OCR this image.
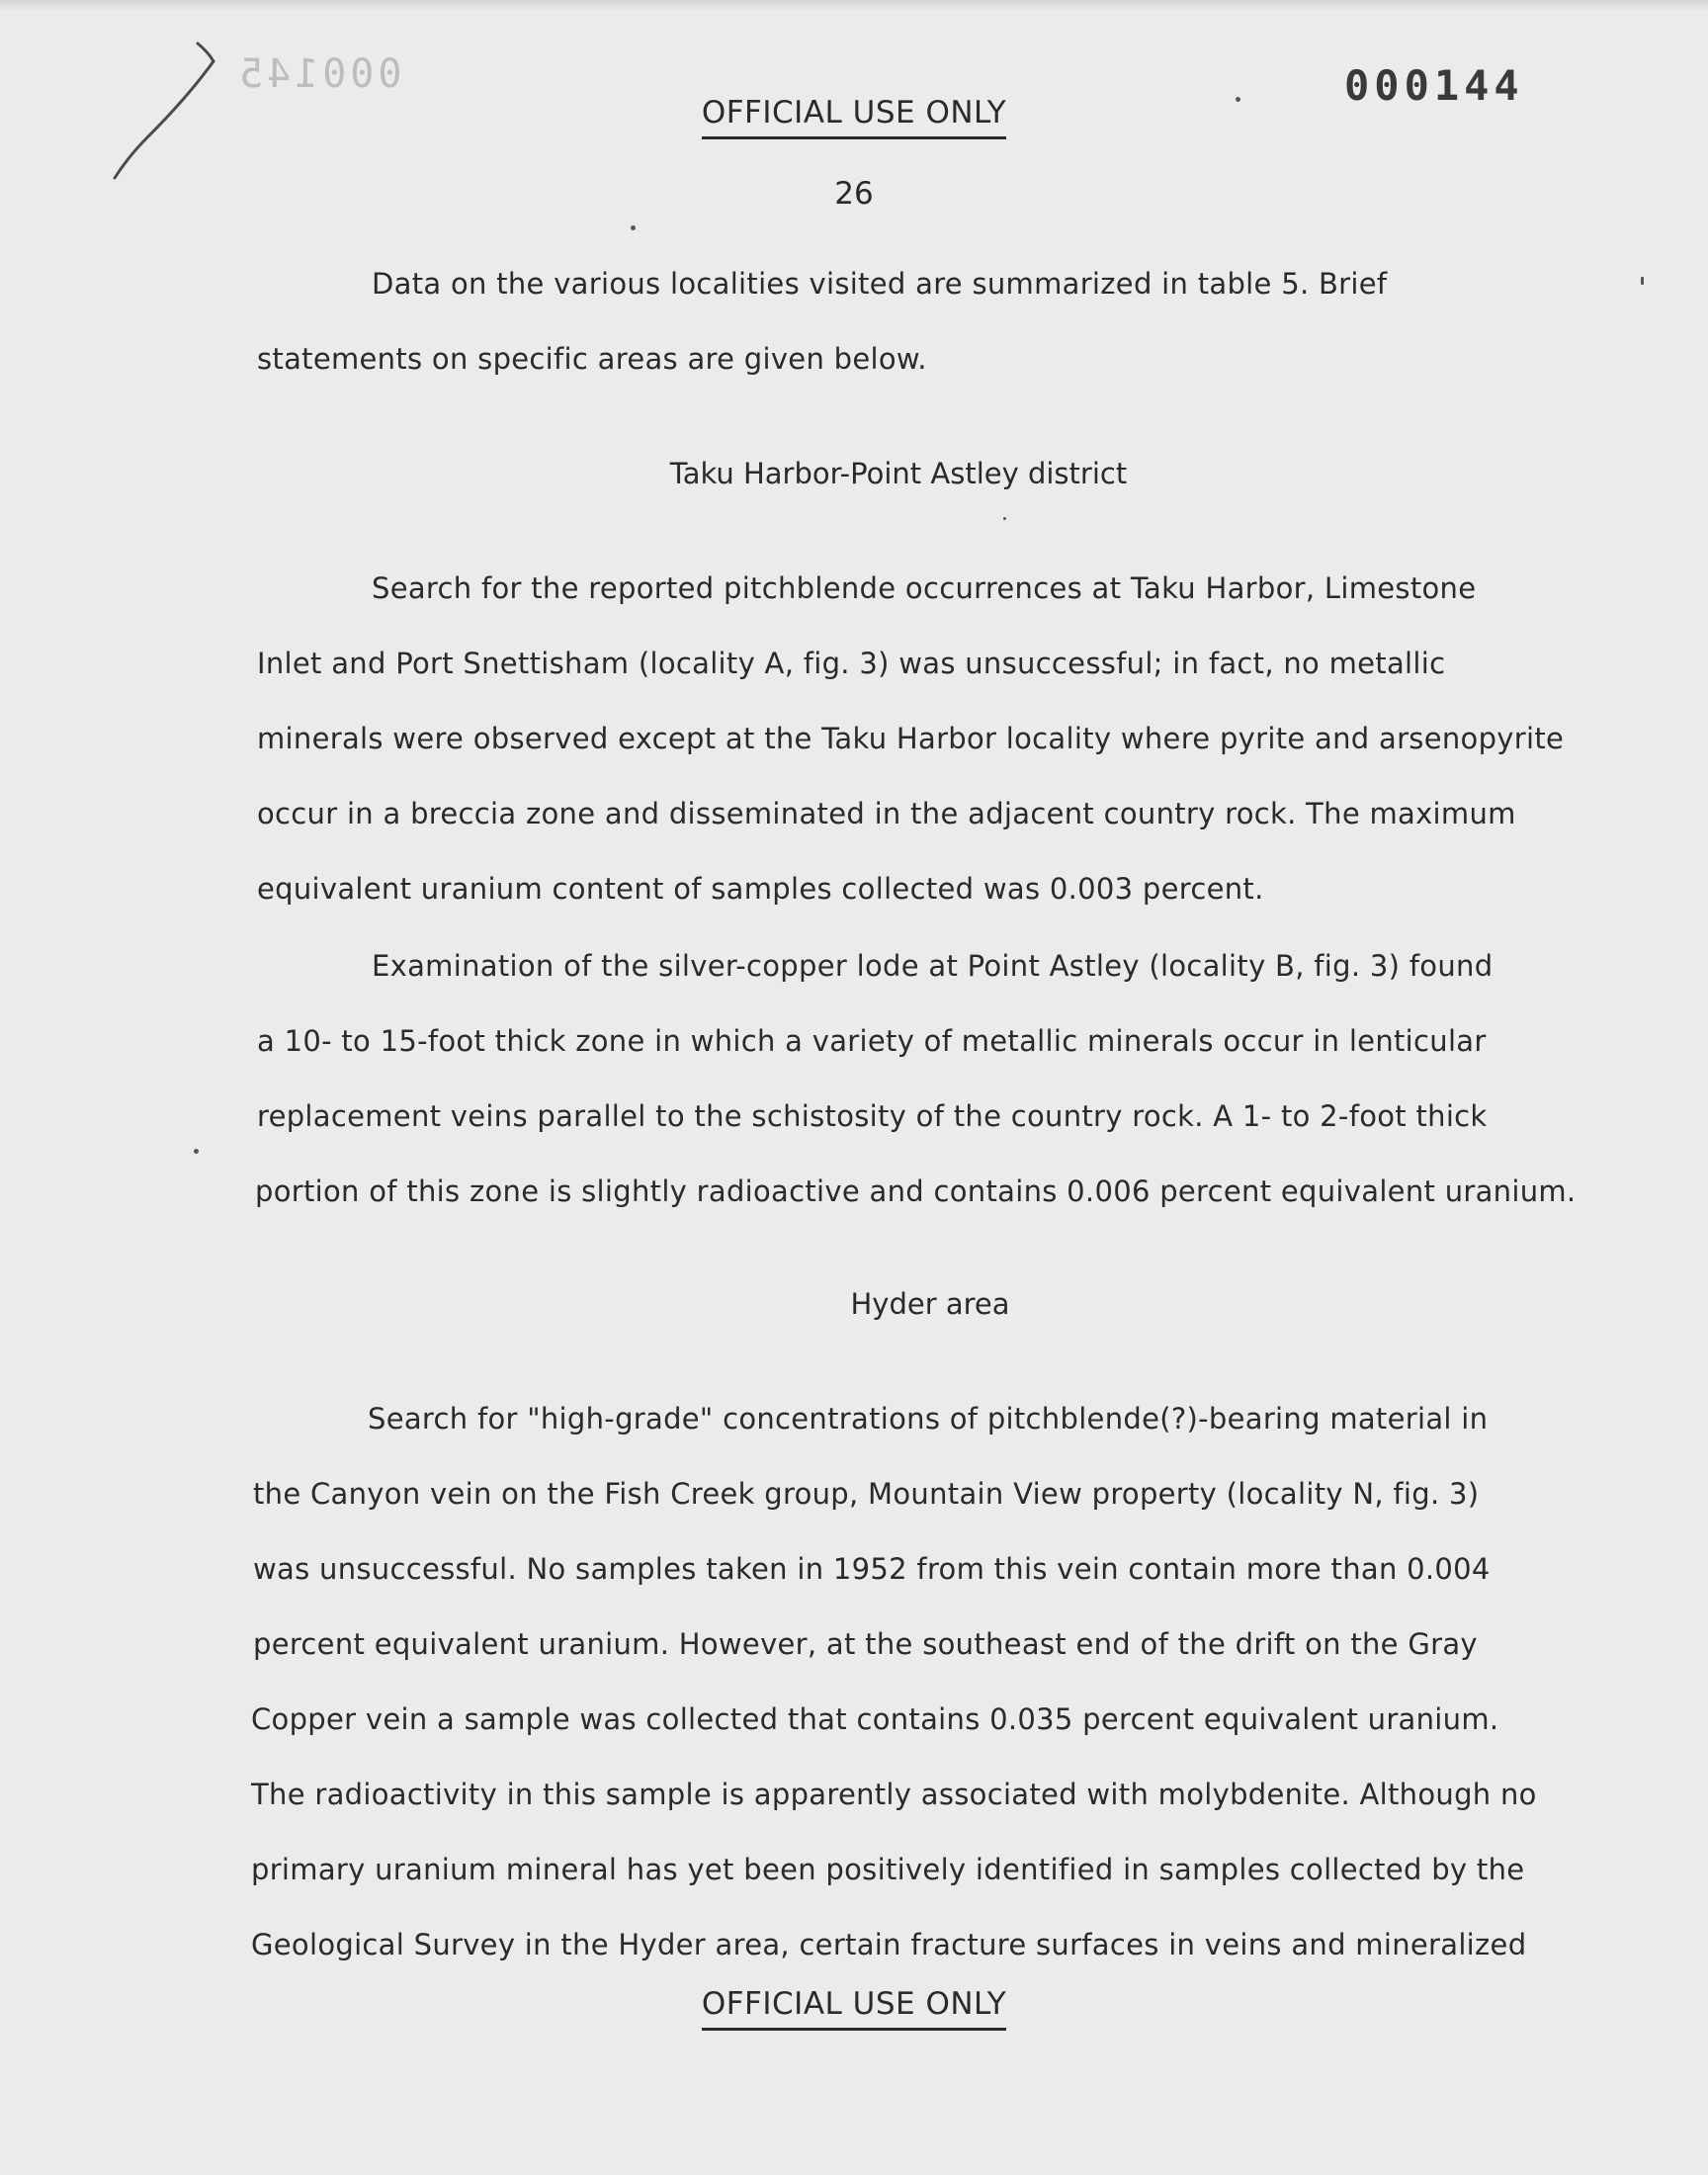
000145	000144
OFFICIAL USE ONLY
26
Data on the various localities visited are summarized in table 5. Brief
statements on specific areas are given below.
Taku Harbor-Point Astley district
Search for the reported pitchblende occurrences at Taku Harbor, Limestone
Inlet and Port Snettisham (locality A, fig. 3) was unsuccessful; in fact, no metallic
minerals were observed except at the Taku Harbor locality where pyrite and arsenopyrite
occur in a breccia zone and disseminated in the adjacent country rock. The maximum
equivalent uranium content of samples collected was 0.003 percent.
Examination of the silver-copper lode at Point Astley (locality B, fig. 3) found
a 10- to 15-foot thick zone in which a variety of metallic minerals occur in lenticular
replacement veins parallel to the schistosity of the country rock. A 1- to 2-foot thick
portion of this zone is slightly radioactive and contains 0.006 percent equivalent uranium.
Hyder area
Search for "high-grade" concentrations of pitchblende(?)-bearing material in
the Canyon vein on the Fish Creek group, Mountain View property (locality N, fig. 3)
was unsuccessful. No samples taken in 1952 from this vein contain more than 0.004
percent equivalent uranium. However, at the southeast end of the drift on the Gray
Copper vein a sample was collected that contains 0.035 percent equivalent uranium.
The radioactivity in this sample is apparently associated with molybdenite. Although no
primary uranium mineral has yet been positively identified in samples collected by the
Geological Survey in the Hyder area, certain fracture surfaces in veins and mineralized
OFFICIAL USE ONLY
